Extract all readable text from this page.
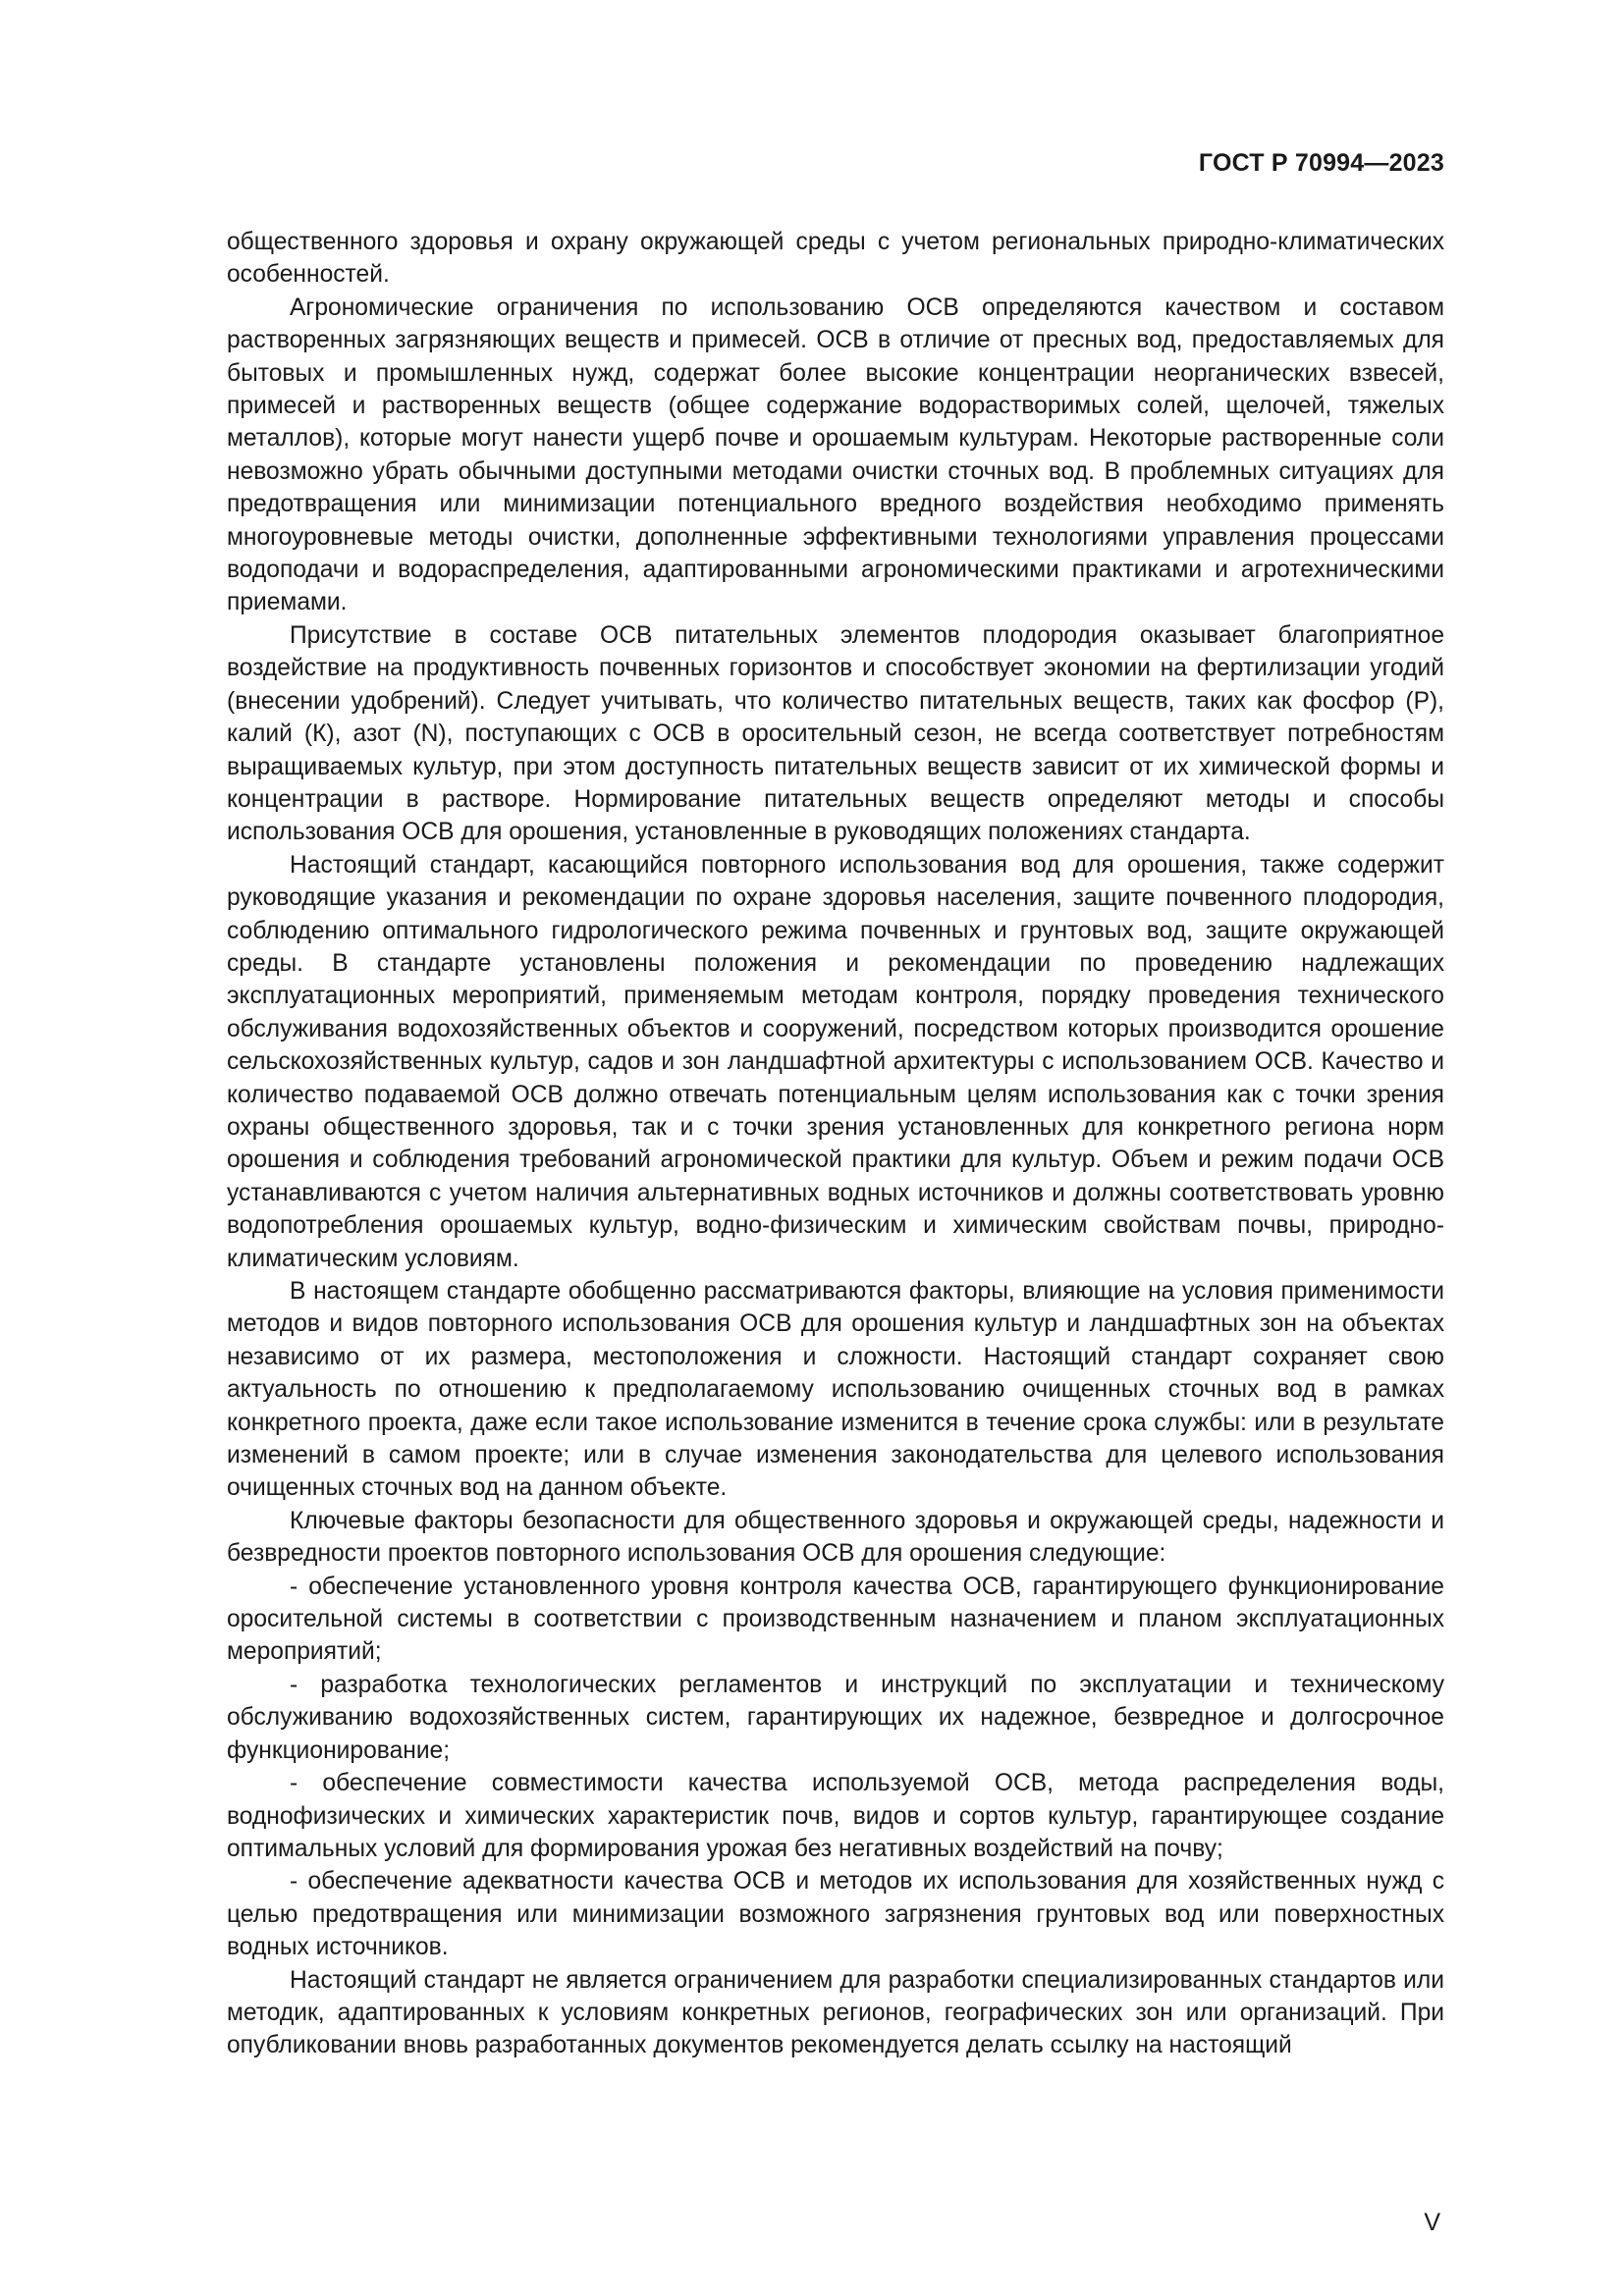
ГОСТ Р 70994—2023

общественного здоровья и охрану окружающей среды с учетом региональных природно-климатических особенностей.

Агрономические ограничения по использованию ОСВ определяются качеством и составом растворенных загрязняющих веществ и примесей. ОСВ в отличие от пресных вод, предоставляемых для бытовых и промышленных нужд, содержат более высокие концентрации неорганических взвесей, примесей и растворенных веществ (общее содержание водорастворимых солей, щелочей, тяжелых металлов), которые могут нанести ущерб почве и орошаемым культурам. Некоторые растворенные соли невозможно убрать обычными доступными методами очистки сточных вод. В проблемных ситуациях для предотвращения или минимизации потенциального вредного воздействия необходимо применять многоуровневые методы очистки, дополненные эффективными технологиями управления процессами водоподачи и водораспределения, адаптированными агрономическими практиками и агротехническими приемами.

Присутствие в составе ОСВ питательных элементов плодородия оказывает благоприятное воздействие на продуктивность почвенных горизонтов и способствует экономии на фертилизации угодий (внесении удобрений). Следует учитывать, что количество питательных веществ, таких как фосфор (Р), калий (К), азот (N), поступающих с ОСВ в оросительный сезон, не всегда соответствует потребностям выращиваемых культур, при этом доступность питательных веществ зависит от их химической формы и концентрации в растворе. Нормирование питательных веществ определяют методы и способы использования ОСВ для орошения, установленные в руководящих положениях стандарта.

Настоящий стандарт, касающийся повторного использования вод для орошения, также содержит руководящие указания и рекомендации по охране здоровья населения, защите почвенного плодородия, соблюдению оптимального гидрологического режима почвенных и грунтовых вод, защите окружающей среды. В стандарте установлены положения и рекомендации по проведению надлежащих эксплуатационных мероприятий, применяемым методам контроля, порядку проведения технического обслуживания водохозяйственных объектов и сооружений, посредством которых производится орошение сельскохозяйственных культур, садов и зон ландшафтной архитектуры с использованием ОСВ. Качество и количество подаваемой ОСВ должно отвечать потенциальным целям использования как с точки зрения охраны общественного здоровья, так и с точки зрения установленных для конкретного региона норм орошения и соблюдения требований агрономической практики для культур. Объем и режим подачи ОСВ устанавливаются с учетом наличия альтернативных водных источников и должны соответствовать уровню водопотребления орошаемых культур, водно-физическим и химическим свойствам почвы, природно-климатическим условиям.

В настоящем стандарте обобщенно рассматриваются факторы, влияющие на условия применимости методов и видов повторного использования ОСВ для орошения культур и ландшафтных зон на объектах независимо от их размера, местоположения и сложности. Настоящий стандарт сохраняет свою актуальность по отношению к предполагаемому использованию очищенных сточных вод в рамках конкретного проекта, даже если такое использование изменится в течение срока службы: или в результате изменений в самом проекте; или в случае изменения законодательства для целевого использования очищенных сточных вод на данном объекте.

Ключевые факторы безопасности для общественного здоровья и окружающей среды, надежности и безвредности проектов повторного использования ОСВ для орошения следующие:

- обеспечение установленного уровня контроля качества ОСВ, гарантирующего функционирование оросительной системы в соответствии с производственным назначением и планом эксплуатационных мероприятий;

- разработка технологических регламентов и инструкций по эксплуатации и техническому обслуживанию водохозяйственных систем, гарантирующих их надежное, безвредное и долгосрочное функционирование;

- обеспечение совместимости качества используемой ОСВ, метода распределения воды, воднофизических и химических характеристик почв, видов и сортов культур, гарантирующее создание оптимальных условий для формирования урожая без негативных воздействий на почву;

- обеспечение адекватности качества ОСВ и методов их использования для хозяйственных нужд с целью предотвращения или минимизации возможного загрязнения грунтовых вод или поверхностных водных источников.

Настоящий стандарт не является ограничением для разработки специализированных стандартов или методик, адаптированных к условиям конкретных регионов, географических зон или организаций. При опубликовании вновь разработанных документов рекомендуется делать ссылку на настоящий

V
